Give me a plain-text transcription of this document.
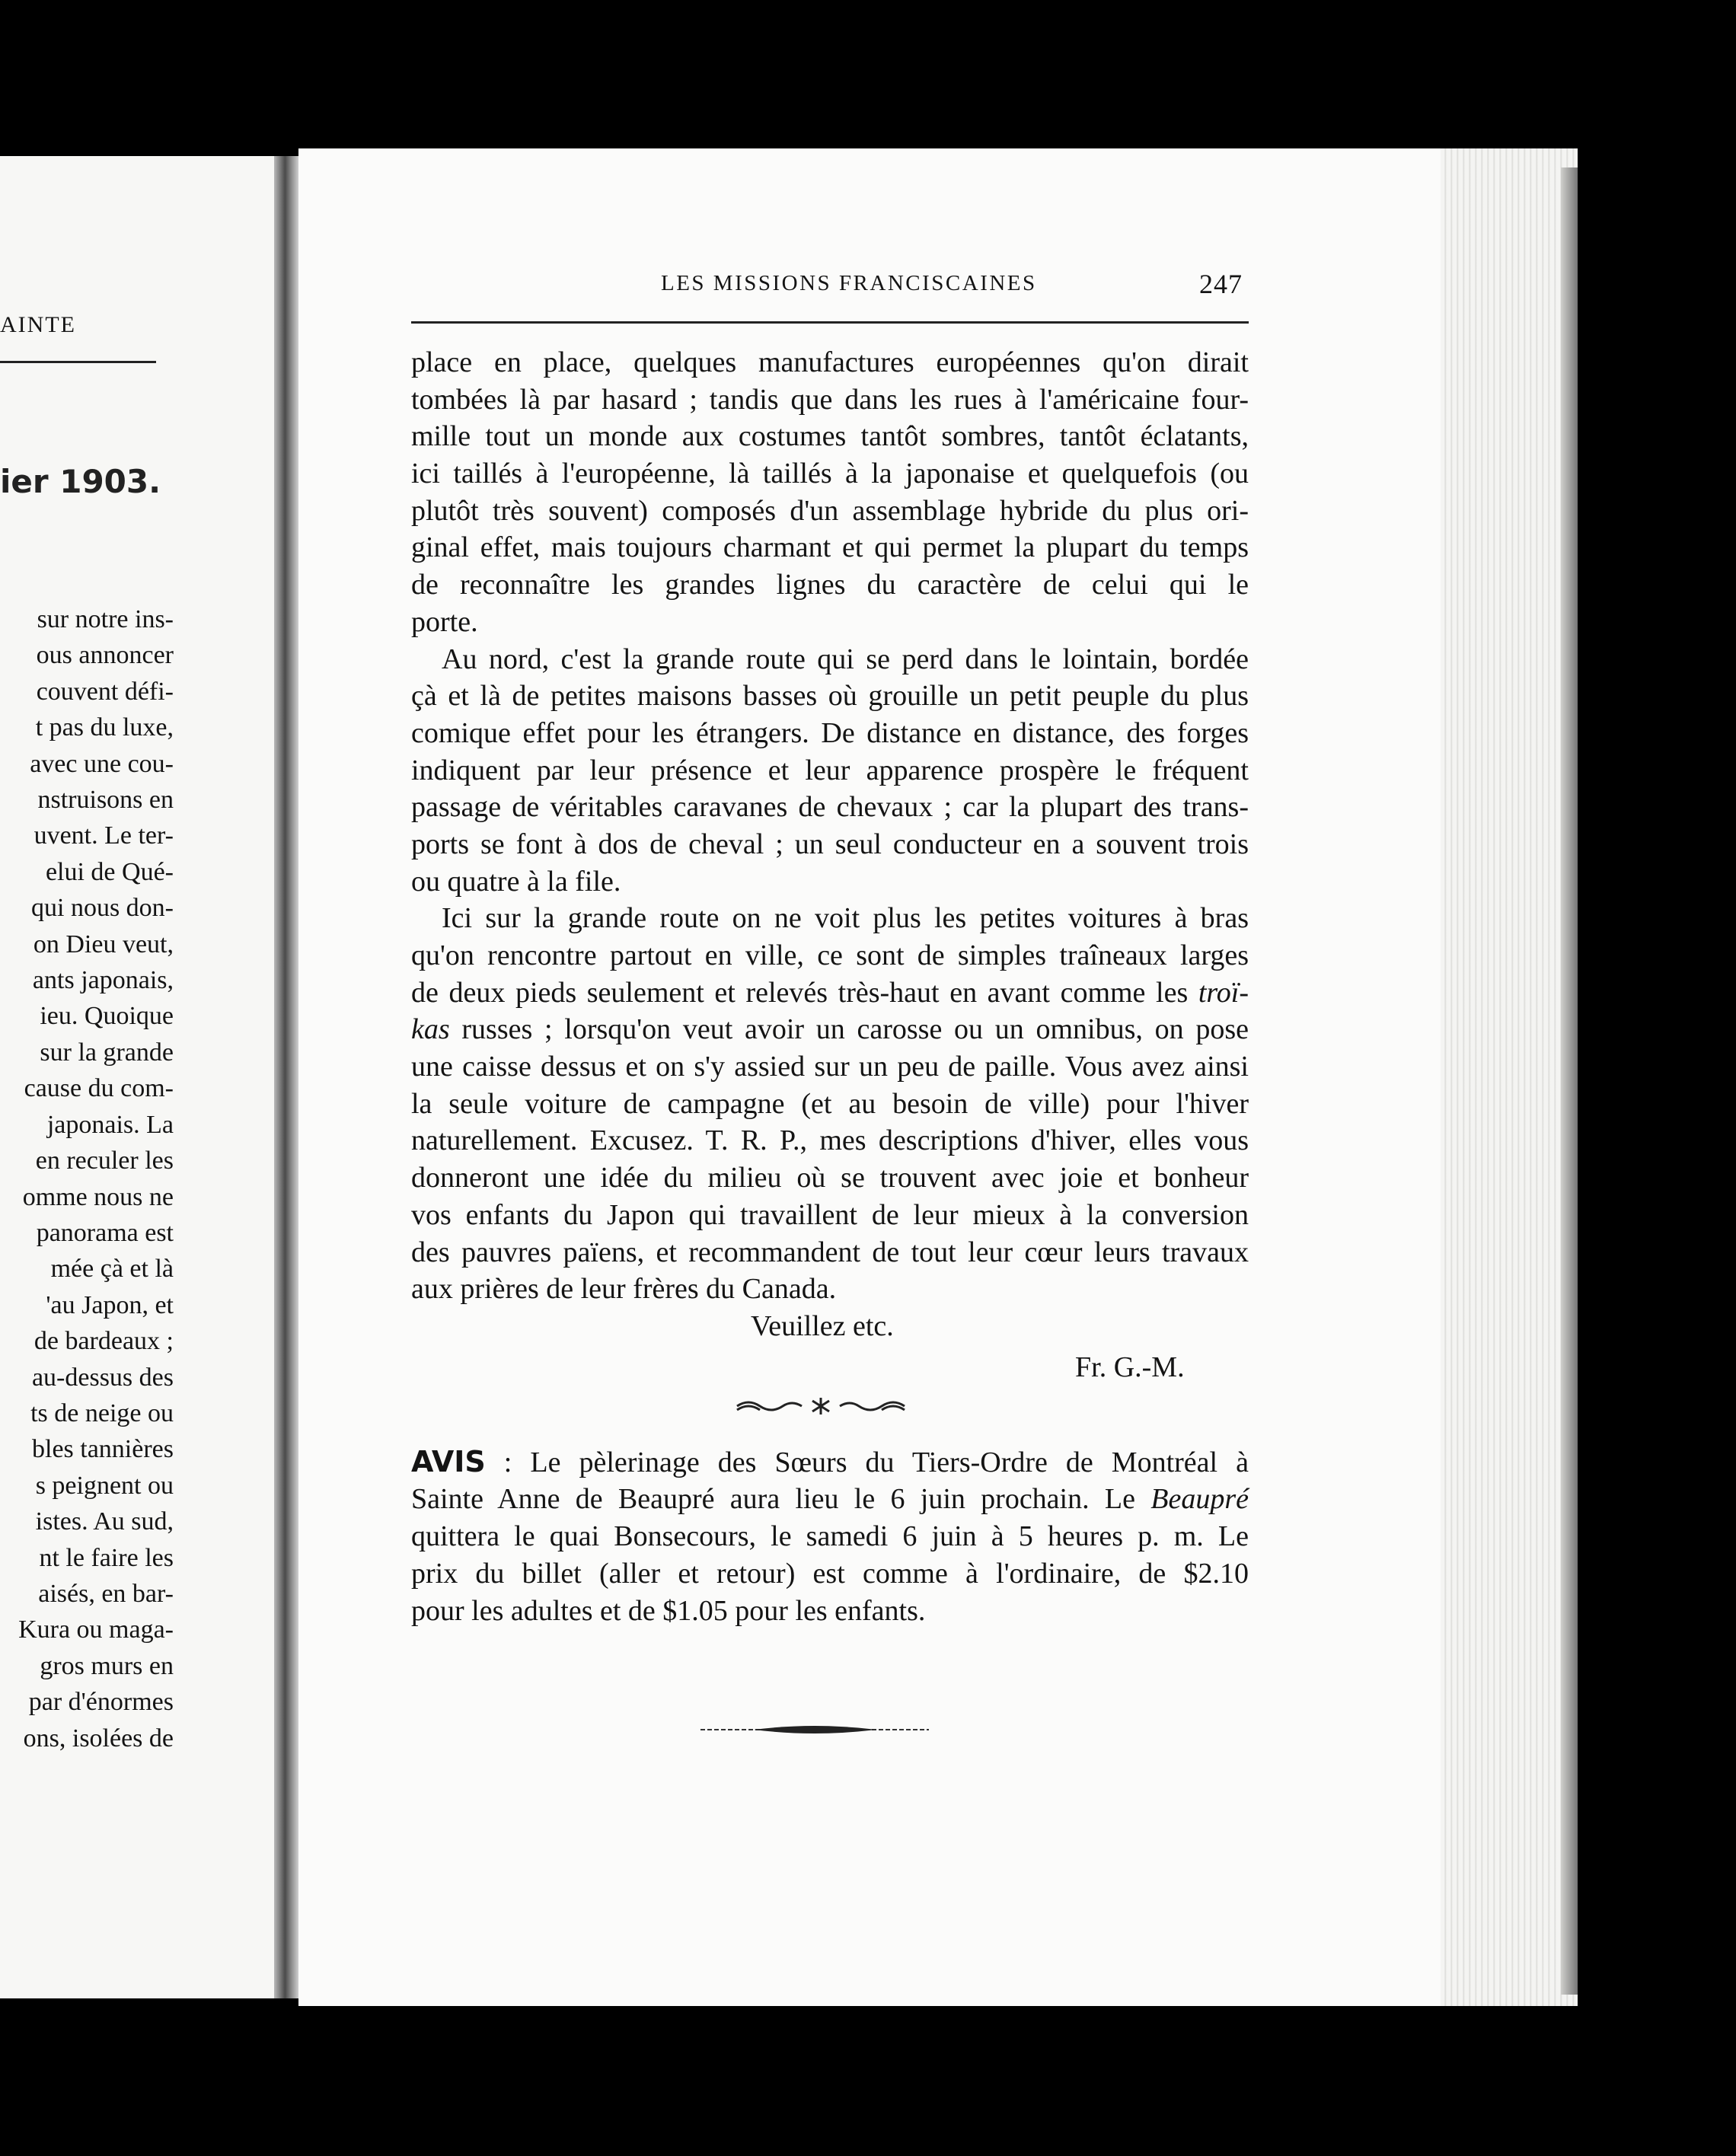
AINTE
ier 1903.
sur notre ins-
ous annoncer
couvent défi-
t pas du luxe,
avec une cou-
nstruisons en
uvent. Le ter-
elui de Qué-
qui nous don-
on Dieu veut,
ants japonais,
ieu. Quoique
sur la grande
cause du com-
japonais. La
en reculer les
omme nous ne
panorama est
mée çà et là
'au Japon, et
de bardeaux ;
au-dessus des
ts de neige ou
bles tannières
s peignent ou
istes. Au sud,
nt le faire les
aisés, en bar-
Kura ou maga-
gros murs en
par d'énormes
ons, isolées de
LES MISSIONS FRANCISCAINES	247
place en place, quelques manufactures européennes qu'on dirait
tombées là par hasard ; tandis que dans les rues à l'américaine four-
mille tout un monde aux costumes tantôt sombres, tantôt éclatants,
ici taillés à l'européenne, là taillés à la japonaise et quelquefois (ou
plutôt très souvent) composés d'un assemblage hybride du plus ori-
ginal effet, mais toujours charmant et qui permet la plupart du temps
de reconnaître les grandes lignes du caractère de celui qui le
porte.
Au nord, c'est la grande route qui se perd dans le lointain, bordée
çà et là de petites maisons basses où grouille un petit peuple du plus
comique effet pour les étrangers. De distance en distance, des forges
indiquent par leur présence et leur apparence prospère le fréquent
passage de véritables caravanes de chevaux ; car la plupart des trans-
ports se font à dos de cheval ; un seul conducteur en a souvent trois
ou quatre à la file.
Ici sur la grande route on ne voit plus les petites voitures à bras
qu'on rencontre partout en ville, ce sont de simples traîneaux larges
de deux pieds seulement et relevés très-haut en avant comme les troï-
kas russes ; lorsqu'on veut avoir un carosse ou un omnibus, on pose
une caisse dessus et on s'y assied sur un peu de paille. Vous avez ainsi
la seule voiture de campagne (et au besoin de ville) pour l'hiver
naturellement. Excusez. T. R. P., mes descriptions d'hiver, elles vous
donneront une idée du milieu où se trouvent avec joie et bonheur
vos enfants du Japon qui travaillent de leur mieux à la conversion
des pauvres païens, et recommandent de tout leur cœur leurs travaux
aux prières de leur frères du Canada.
Veuillez etc.
Fr. G.-M.
AVIS : Le pèlerinage des Sœurs du Tiers-Ordre de Montréal à
Sainte Anne de Beaupré aura lieu le 6 juin prochain. Le Beaupré
quittera le quai Bonsecours, le samedi 6 juin à 5 heures p. m. Le
prix du billet (aller et retour) est comme à l'ordinaire, de $2.10
pour les adultes et de $1.05 pour les enfants.
